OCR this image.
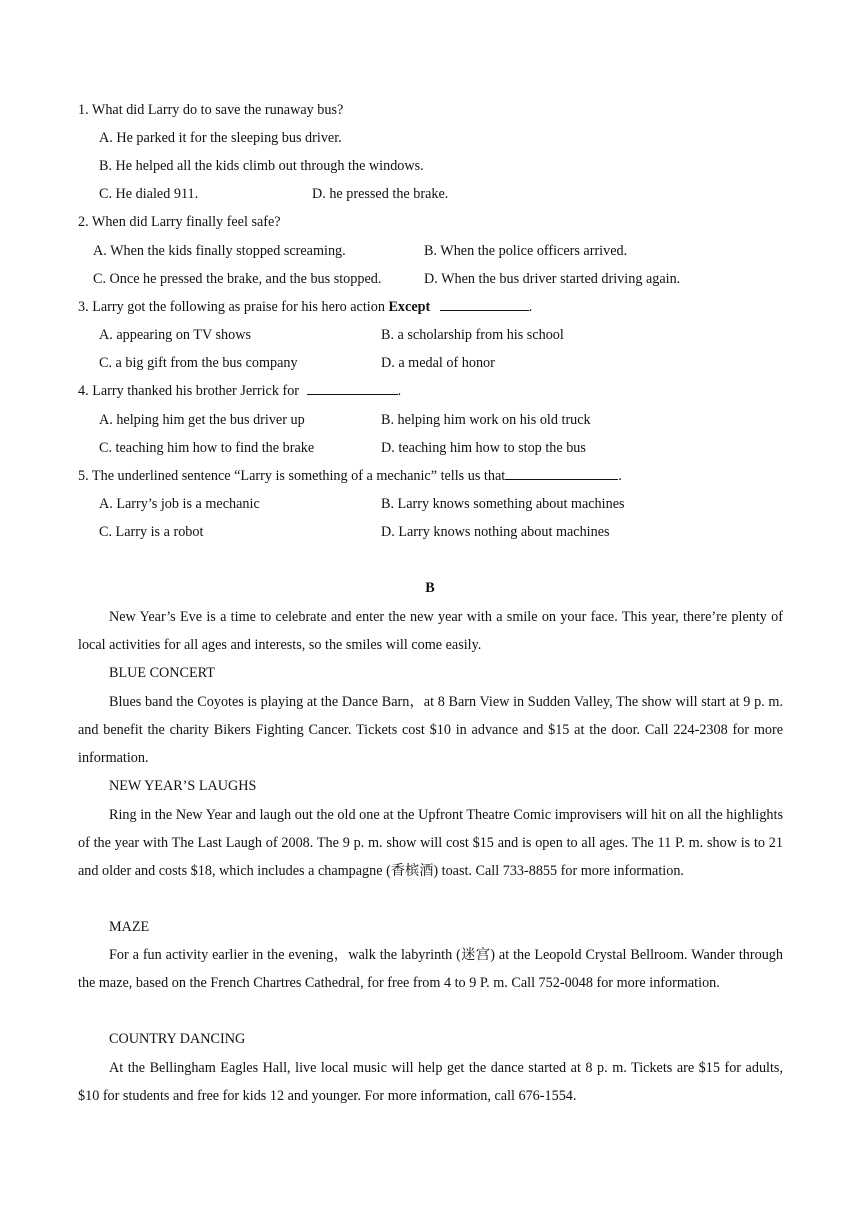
1. What did Larry do to save the runaway bus?
A. He parked it for the sleeping bus driver.
B. He helped all the kids climb out through the windows.
C. He dialed 911.	D. he pressed the brake.
2. When did Larry finally feel safe?
A. When the kids finally stopped screaming.	B. When the police officers arrived.
C. Once he pressed the brake, and the bus stopped.	D. When the bus driver started driving again.
3. Larry got the following as praise for his hero action Except	.
A. appearing on TV shows	B. a scholarship from his school
C. a big gift from the bus company	D. a medal of honor
4. Larry thanked his brother Jerrick for	.
A. helping him get the bus driver up	B. helping him work on his old truck
C. teaching him how to find the brake	D. teaching him how to stop the bus
5. The underlined sentence “Larry is something of a mechanic” tells us that	.
A. Larry’s job is a mechanic	B. Larry knows something about machines
C. Larry is a robot	D. Larry knows nothing about machines
B

New Year’s Eve is a time to celebrate and enter the new year with a smile on your face. This year, there’re plenty of local activities for all ages and interests, so the smiles will come easily.

BLUE CONCERT

Blues band the Coyotes is playing at the Dance Barn，at 8 Barn View in Sudden Valley, The show will start at 9 p. m. and benefit the charity Bikers Fighting Cancer. Tickets cost $10 in advance and $15 at the door. Call 224-2308 for more information.

NEW YEAR’S LAUGHS

Ring in the New Year and laugh out the old one at the Upfront Theatre Comic improvisers will hit on all the highlights of the year with The Last Laugh of 2008. The 9 p. m. show will cost $15 and is open to all ages. The 11 P. m. show is to 21 and older and costs $18, which includes a champagne (香槟酒) toast. Call 733-8855 for more information.

MAZE

For a fun activity earlier in the evening，walk the labyrinth (迷宫) at the Leopold Crystal Bellroom. Wander through the maze, based on the French Chartres Cathedral, for free from 4 to 9 P. m. Call 752-0048 for more information.

COUNTRY DANCING

At the Bellingham Eagles Hall, live local music will help get the dance started at 8 p. m. Tickets are $15 for adults, $10 for students and free for kids 12 and younger. For more information, call 676-1554.
